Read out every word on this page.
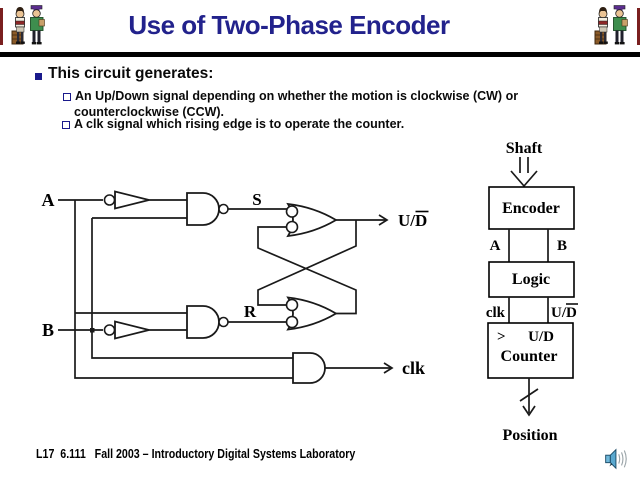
Use of Two-Phase Encoder
This circuit generates:
An Up/Down signal depending on whether the motion is clockwise (CW) or
counterclockwise (CCW).
A clk signal which rising edge is to operate the counter.
A
B
S
R
U/D
clk
Shaft
Encoder
A	B
Logic
clk	U/D
> U/D
Counter
Position
L17  6.111   Fall 2003 – Introductory Digital Systems Laboratory
